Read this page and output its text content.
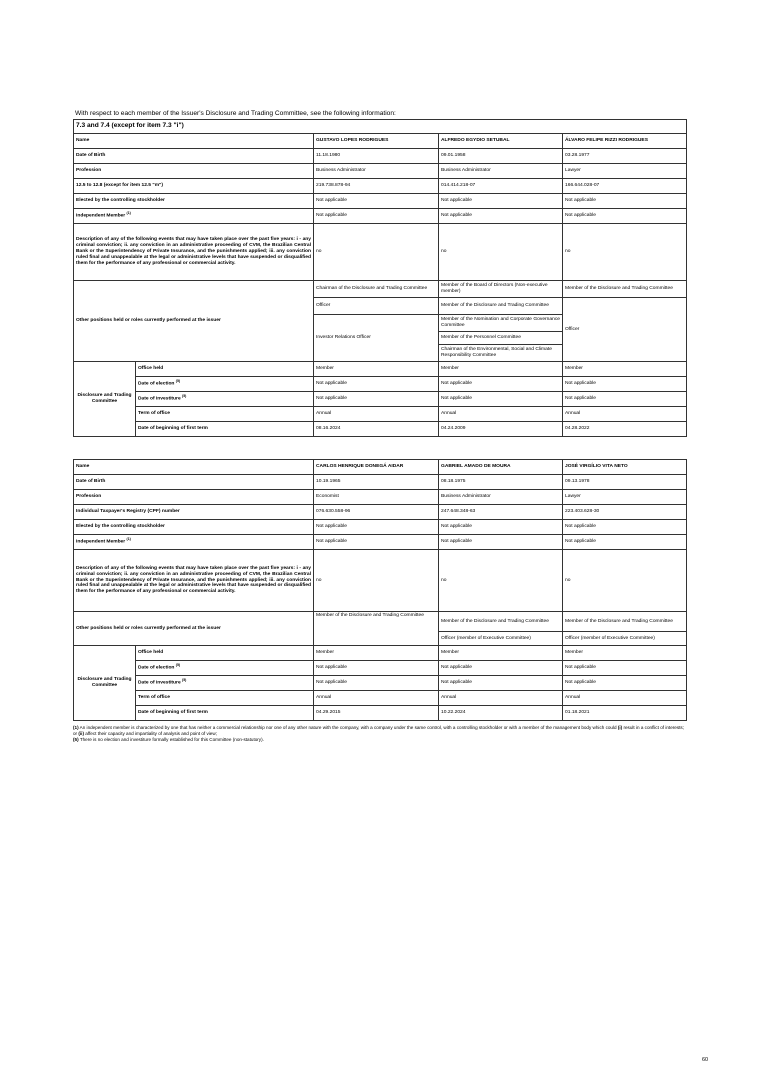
With respect to each member of the Issuer's Disclosure and Trading Committee, see the following information:
7.3 and 7.4 (except for item 7.3 "i")				
Name		GUSTAVO LOPES RODRIGUES	ALFREDO EGYDIO SETUBAL	ÁLVARO FELIPE RIZZI RODRIGUES
Date of Birth		11.18.1980	09.01.1958	03.28.1977
Profession		Business Administrator	Business Administrator	Lawyer
12.5 to 12.8 (except for item 12.5 "m")		219.738.878-94	014.414.218-07	166.644.028-07
Elected by the controlling stockholder		Not applicable	Not applicable	Not applicable
Independent Member $^{(1)}$		Not applicable	Not applicable	Not applicable
Description of any of the following events that may have taken place over the past five years: i - any criminal conviction; ii. any conviction in an administrative proceeding of CVM, the Brazilian Central Bank or the Superintendency of Private Insurance, and the punishments applied; iii. any conviction ruled final and unappealable at the legal or administrative levels that have suspended or disqualified them for the performance of any professional or commercial activity.		no	no	no
Other positions held or roles currently performed at the issuer		Chairman of the Disclosure and Trading Committee	Member of the Board of Directors (Non-executive member)	Member of the Disclosure and Trading Committee
		Officer	Member of the Disclosure and Trading Committee	Officer
		Investor Relations Officer	Member of the Nomination and Corporate Governance Committee	
			Member of the Personnel Committee	
			Chairman of the Environmental, Social and Climate Responsibility Committee	
Disclosure and Trading Committee	Office held	Member	Member	Member
	Date of election $^{(5)}$	Not applicable	Not applicable	Not applicable
	Date of investiture $^{(5)}$	Not applicable	Not applicable	Not applicable
	Term of office	Annual	Annual	Annual
	Date of beginning of first term	08.16.2024	04.24.2009	04.28.2022
Name		CARLOS HENRIQUE DONEGÁ AIDAR	GABRIEL AMADO DE MOURA	JOSÉ VIRGÍLIO VITA NETO
Date of Birth		10.19.1965	08.18.1975	09.13.1978
Profession		Economist	Business Administrator	Lawyer
Individual Taxpayer's Registry (CPF) number		076.630.558-96	247.648.348-63	223.403.628-30
Elected by the controlling stockholder		Not applicable	Not applicable	Not applicable
Independent Member $^{(1)}$		Not applicable	Not applicable	Not applicable
Description of any of the following events that may have taken place over the past five years: i - any criminal conviction; ii. any conviction in an administrative proceeding of CVM, the Brazilian Central Bank or the Superintendency of Private Insurance, and the punishments applied; iii. any conviction ruled final and unappealable at the legal or administrative levels that have suspended or disqualified them for the performance of any professional or commercial activity.		no	no	no
Other positions held or roles currently performed at the issuer		Member of the Disclosure and Trading Committee	Member of the Disclosure and Trading Committee	Member of the Disclosure and Trading Committee
			Officer (member of Executive Committee)	Officer (member of Executive Committee)
Disclosure and Trading Committee	Office held	Member	Member	Member
	Date of election $^{(5)}$	Not applicable	Not applicable	Not applicable
	Date of investiture $^{(5)}$	Not applicable	Not applicable	Not applicable
	Term of office	Annual	Annual	Annual
	Date of beginning of first term	04.29.2015	10.22.2024	01.18.2021

(1) An independent member is characterized by one that has neither a commercial relationship nor one of any other nature with the company, with a company under the same control, with a controlling stockholder or with a member of the management body which could (i) result in a conflict of interests; or (ii) affect their capacity and impartiality of analysis and point of view;

(5) There is no election and investiture formally established for this Committee (non-statutory).

60
